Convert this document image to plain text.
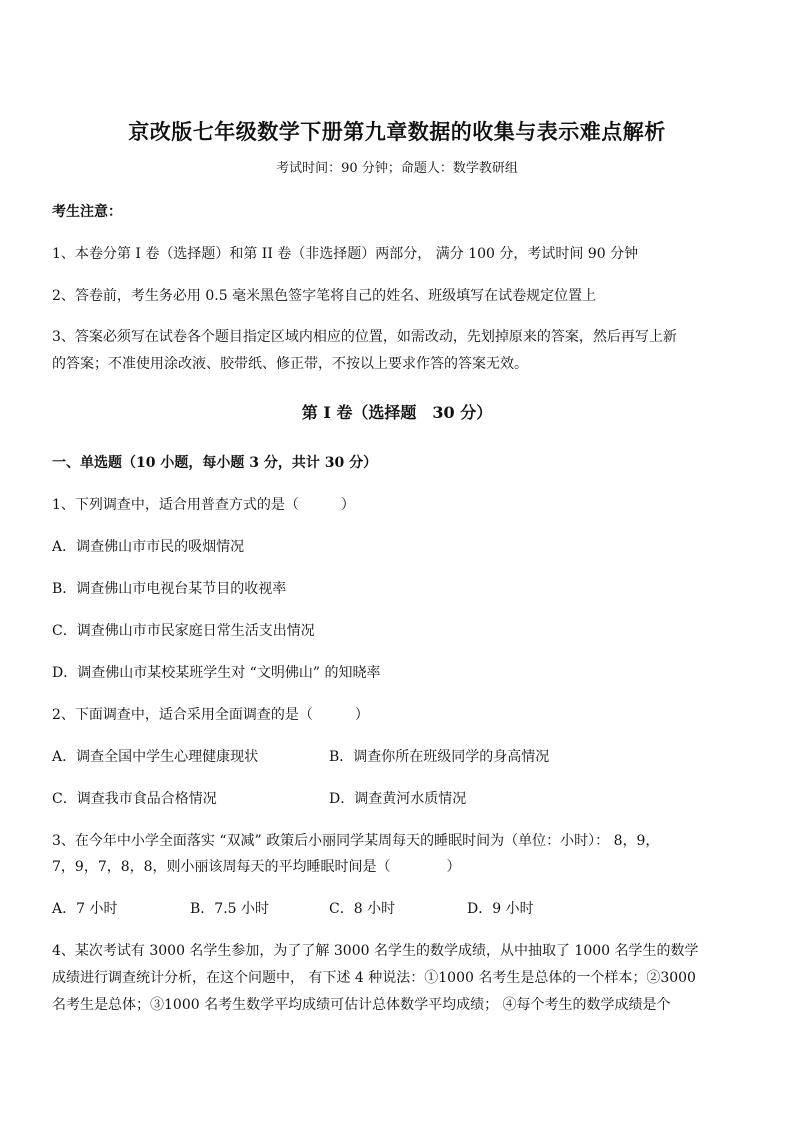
京改版七年级数学下册第九章数据的收集与表示难点解析
考试时间：90 分钟；命题人：数学教研组
考生注意：
1、本卷分第 I 卷（选择题）和第 II 卷（非选择题）两部分， 满分 100 分，考试时间 90 分钟
2、答卷前，考生务必用 0.5 毫米黑色签字笔将自己的姓名、班级填写在试卷规定位置上
3、答案必须写在试卷各个题目指定区域内相应的位置，如需改动，先划掉原来的答案，然后再写上新
的答案；不准使用涂改液、胶带纸、修正带，不按以上要求作答的答案无效。
第 I 卷（选择题　30 分）
一、单选题（10 小题，每小题 3 分，共计 30 分）
1、下列调查中，适合用普查方式的是（　　　）
A．调查佛山市市民的吸烟情况
B．调查佛山市电视台某节目的收视率
C．调查佛山市市民家庭日常生活支出情况
D．调查佛山市某校某班学生对 “文明佛山” 的知晓率
2、下面调查中，适合采用全面调查的是（　　　）
A．调查全国中学生心理健康现状	B．调查你所在班级同学的身高情况
C．调查我市食品合格情况	D．调查黄河水质情况
3、在今年中小学全面落实 “双减” 政策后小丽同学某周每天的睡眠时间为（单位：小时）： 8，9，
7，9，7，8，8，则小丽该周每天的平均睡眠时间是（　　　　）
A．7 小时	B．7.5 小时	C．8 小时	D．9 小时
4、某次考试有 3000 名学生参加，为了了解 3000 名学生的数学成绩，从中抽取了 1000 名学生的数学
成绩进行调查统计分析，在这个问题中， 有下述 4 种说法：①1000 名考生是总体的一个样本；②3000
名考生是总体；③1000 名考生数学平均成绩可估计总体数学平均成绩； ④每个考生的数学成绩是个
